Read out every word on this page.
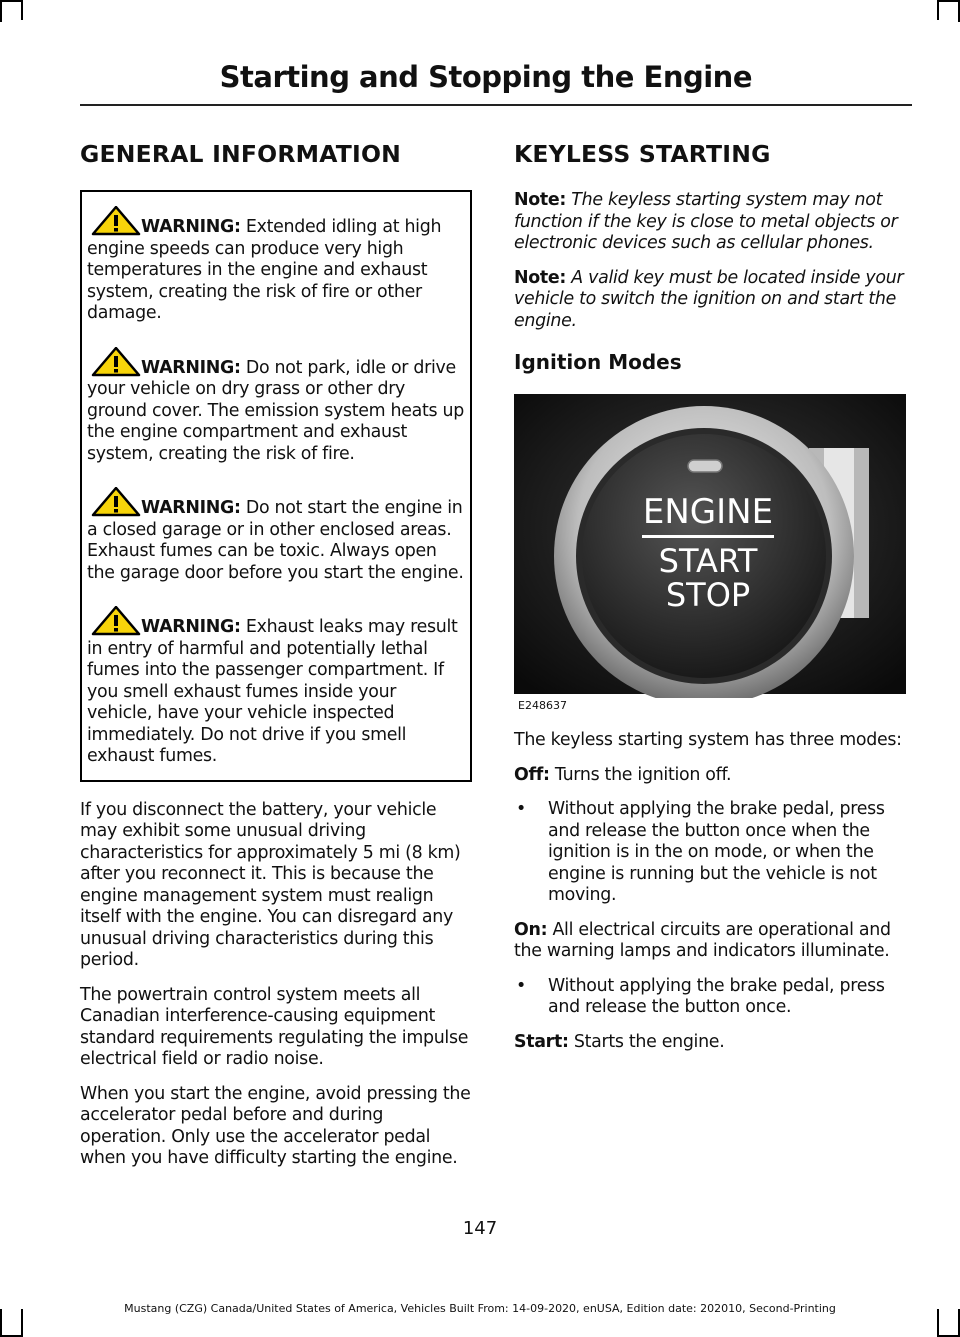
Starting and Stopping the Engine
GENERAL INFORMATION

WARNING: Extended idling at high engine speeds can produce very high temperatures in the engine and exhaust system, creating the risk of fire or other damage.

WARNING: Do not park, idle or drive your vehicle on dry grass or other dry ground cover. The emission system heats up the engine compartment and exhaust system, creating the risk of fire.

WARNING: Do not start the engine in a closed garage or in other enclosed areas. Exhaust fumes can be toxic. Always open the garage door before you start the engine.

WARNING: Exhaust leaks may result in entry of harmful and potentially lethal fumes into the passenger compartment. If you smell exhaust fumes inside your vehicle, have your vehicle inspected immediately. Do not drive if you smell exhaust fumes.

If you disconnect the battery, your vehicle may exhibit some unusual driving characteristics for approximately 5 mi (8 km) after you reconnect it. This is because the engine management system must realign itself with the engine. You can disregard any unusual driving characteristics during this period.

The powertrain control system meets all Canadian interference-causing equipment standard requirements regulating the impulse electrical field or radio noise.

When you start the engine, avoid pressing the accelerator pedal before and during operation. Only use the accelerator pedal when you have difficulty starting the engine.

KEYLESS STARTING

Note: The keyless starting system may not function if the key is close to metal objects or electronic devices such as cellular phones.

Note: A valid key must be located inside your vehicle to switch the ignition on and start the engine.

Ignition Modes
ENGINE
START
STOP
E248637

The keyless starting system has three modes:

Off: Turns the ignition off.

• Without applying the brake pedal, press and release the button once when the ignition is in the on mode, or when the engine is running but the vehicle is not moving.

On: All electrical circuits are operational and the warning lamps and indicators illuminate.

• Without applying the brake pedal, press and release the button once.

Start: Starts the engine.

147
Mustang (CZG) Canada/United States of America, Vehicles Built From: 14-09-2020, enUSA, Edition date: 202010, Second-Printing
